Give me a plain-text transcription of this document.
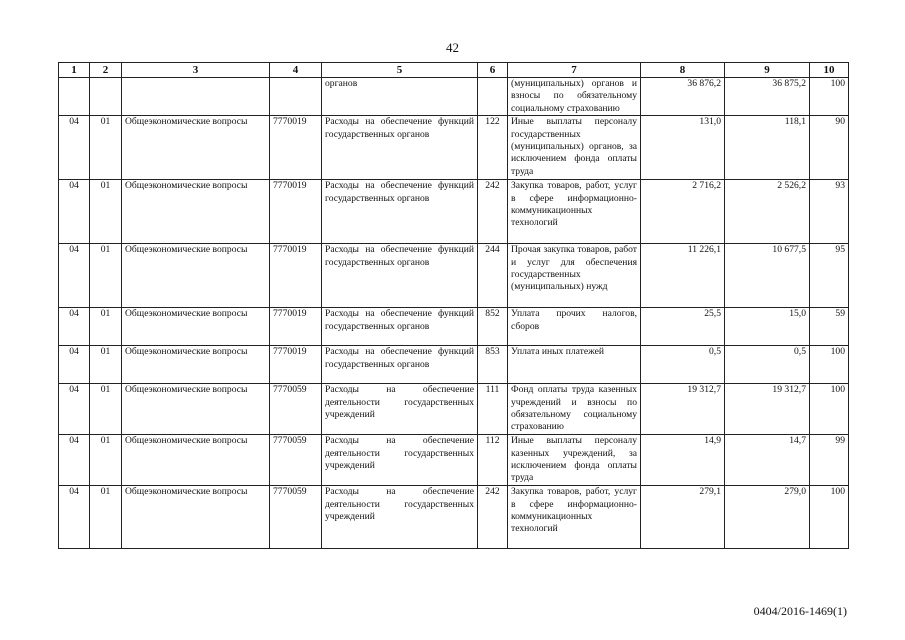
42
1	2	3	4	5	6	7	8	9	10
				органов		(муниципальных) органов и взносы по обязательному социальному страхованию	36 876,2	36 875,2	100
04	01	Общеэкономические вопросы	7770019	Расходы на обеспечение функций государственных органов	122	Иные выплаты персоналу государственных (муниципальных) органов, за исключением фонда оплаты труда	131,0	118,1	90
04	01	Общеэкономические вопросы	7770019	Расходы на обеспечение функций государственных органов	242	Закупка товаров, работ, услуг в сфере информационно-коммуникационных технологий	2 716,2	2 526,2	93
04	01	Общеэкономические вопросы	7770019	Расходы на обеспечение функций государственных органов	244	Прочая закупка товаров, работ и услуг для обеспечения государственных (муниципальных) нужд	11 226,1	10 677,5	95
04	01	Общеэкономические вопросы	7770019	Расходы на обеспечение функций государственных органов	852	Уплата прочих налогов, сборов	25,5	15,0	59
04	01	Общеэкономические вопросы	7770019	Расходы на обеспечение функций государственных органов	853	Уплата иных платежей	0,5	0,5	100
04	01	Общеэкономические вопросы	7770059	Расходы на обеспечение деятельности государственных учреждений	111	Фонд оплаты труда казенных учреждений и взносы по обязательному социальному страхованию	19 312,7	19 312,7	100
04	01	Общеэкономические вопросы	7770059	Расходы на обеспечение деятельности государственных учреждений	112	Иные выплаты персоналу казенных учреждений, за исключением фонда оплаты труда	14,9	14,7	99
04	01	Общеэкономические вопросы	7770059	Расходы на обеспечение деятельности государственных учреждений	242	Закупка товаров, работ, услуг в сфере информационно-коммуникационных технологий	279,1	279,0	100
0404/2016-1469(1)
